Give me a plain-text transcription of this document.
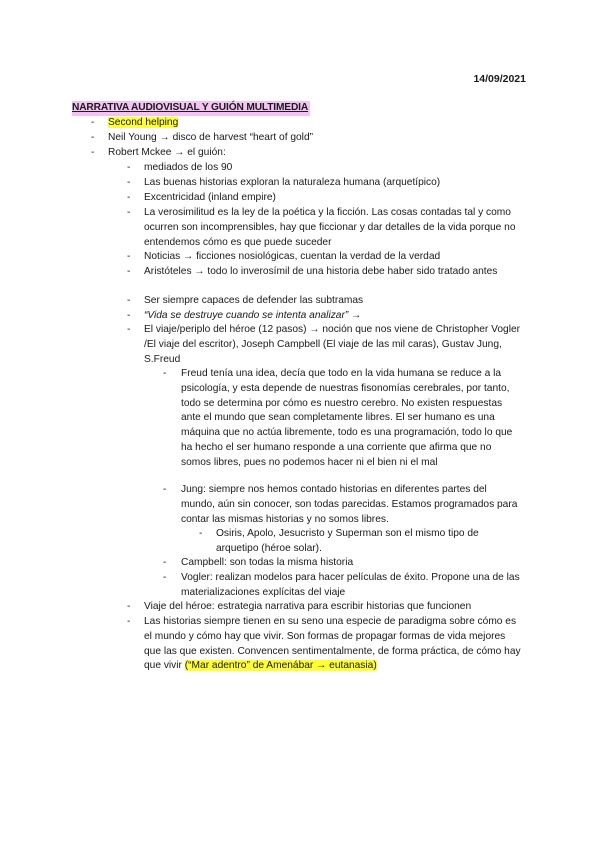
14/09/2021
NARRATIVA AUDIOVISUAL Y GUIÓN MULTIMEDIA
- Second helping
- Neil Young → disco de harvest “heart of gold”
- Robert Mckee → el guión:
- mediados de los 90
- Las buenas historias exploran la naturaleza humana (arquetípico)
- Excentricidad (inland empire)
- La verosimilitud es la ley de la poética y la ficción. Las cosas contadas tal y como ocurren son incomprensibles, hay que ficcionar y dar detalles de la vida porque no entendemos cómo es que puede suceder
- Noticias → ficciones nosiológicas, cuentan la verdad de la verdad
- Aristóteles → todo lo inverosímil de una historia debe haber sido tratado antes
- Ser siempre capaces de defender las subtramas
- “Vida se destruye cuando se intenta analizar” →
- El viaje/periplo del héroe (12 pasos) → noción que nos viene de Christopher Vogler /El viaje del escritor), Joseph Campbell (El viaje de las mil caras), Gustav Jung, S.Freud
- Freud tenía una idea, decía que todo en la vida humana se reduce a la psicología, y esta depende de nuestras fisonomías cerebrales, por tanto, todo se determina por cómo es nuestro cerebro. No existen respuestas ante el mundo que sean completamente libres. El ser humano es una máquina que no actúa libremente, todo es una programación, todo lo que ha hecho el ser humano responde a una corriente que afirma que no somos libres, pues no podemos hacer ni el bien ni el mal
- Jung: siempre nos hemos contado historias en diferentes partes del mundo, aún sin conocer, son todas parecidas. Estamos programados para contar las mismas historias y no somos libres.
- Osiris, Apolo, Jesucristo y Superman son el mismo tipo de arquetipo (héroe solar).
- Campbell: son todas la misma historia
- Vogler: realizan modelos para hacer películas de éxito. Propone una de las materializaciones explícitas del viaje
- Viaje del héroe: estrategia narrativa para escribir historias que funcionen
- Las historias siempre tienen en su seno una especie de paradigma sobre cómo es el mundo y cómo hay que vivir. Son formas de propagar formas de vida mejores que las que existen. Convencen sentimentalmente, de forma práctica, de cómo hay que vivir (“Mar adentro” de Amenábar → eutanasia)
